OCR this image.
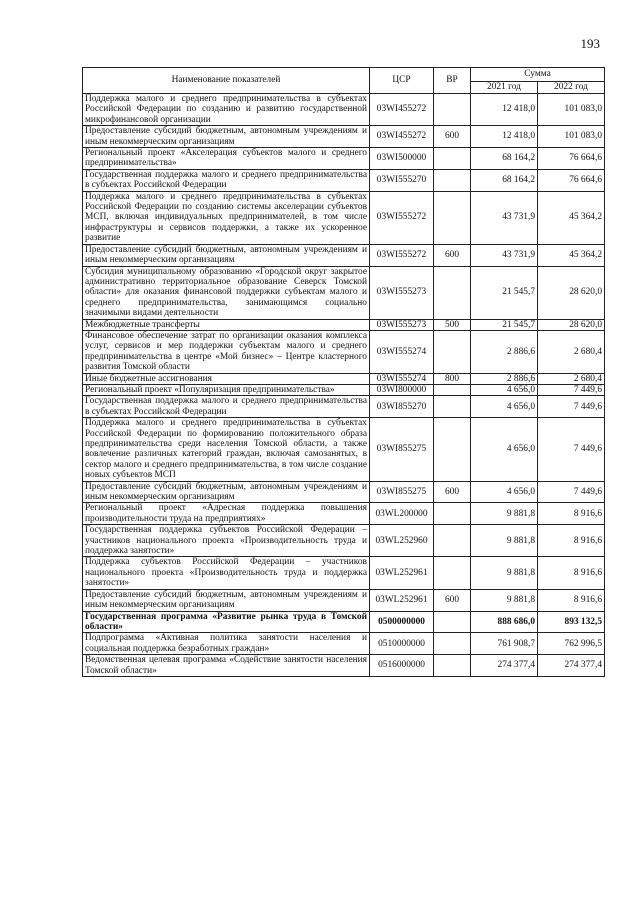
193
Наименование показателей	ЦСР	ВР	Сумма	
			2021 год	2022 год
Поддержка малого и среднего предпринимательства в субъектах Российской Федерации по созданию и развитию государственной микрофинансовой организации	03WI455272		12 418,0	101 083,0
Предоставление субсидий бюджетным, автономным учреждениям и иным некоммерческим организациям	03WI455272	600	12 418,0	101 083,0
Региональный проект «Акселерация субъектов малого и среднего предпринимательства»	03WI500000		68 164,2	76 664,6
Государственная поддержка малого и среднего предпринимательства в субъектах Российской Федерации	03WI555270		68 164,2	76 664,6
Поддержка малого и среднего предпринимательства в субъектах Российской Федерации по созданию системы акселерации субъектов МСП, включая индивидуальных предпринимателей, в том числе инфраструктуры и сервисов поддержки, а также их ускоренное развитие	03WI555272		43 731,9	45 364,2
Предоставление субсидий бюджетным, автономным учреждениям и иным некоммерческим организациям	03WI555272	600	43 731,9	45 364,2
Субсидия муниципальному образованию «Городской округ закрытое административно территориальное образование Северск Томской области» для оказания финансовой поддержки субъектам малого и среднего предпринимательства, занимающимся социально значимыми видами деятельности	03WI555273		21 545,7	28 620,0
Межбюджетные трансферты	03WI555273	500	21 545,7	28 620,0
Финансовое обеспечение затрат по организации оказания комплекса услуг, сервисов и мер поддержки субъектам малого и среднего предпринимательства в центре «Мой бизнес» – Центре кластерного развития Томской области	03WI555274		2 886,6	2 680,4
Иные бюджетные ассигнования	03WI555274	800	2 886,6	2 680,4
Региональный проект «Популяризация предпринимательства»	03WI800000		4 656,0	7 449,6
Государственная поддержка малого и среднего предпринимательства в субъектах Российской Федерации	03WI855270		4 656,0	7 449,6
Поддержка малого и среднего предпринимательства в субъектах Российской Федерации по формированию положительного образа предпринимательства среди населения Томской области, а также вовлечение различных категорий граждан, включая самозанятых, в сектор малого и среднего предпринимательства, в том числе создание новых субъектов МСП	03WI855275		4 656,0	7 449,6
Предоставление субсидий бюджетным, автономным учреждениям и иным некоммерческим организациям	03WI855275	600	4 656,0	7 449,6
Региональный проект «Адресная поддержка повышения производительности труда на предприятиях»	03WL200000		9 881,8	8 916,6
Государственная поддержка субъектов Российской Федерации – участников национального проекта «Производительность труда и поддержка занятости»	03WL252960		9 881,8	8 916,6
Поддержка субъектов Российской Федерации – участников национального проекта «Производительность труда и поддержка занятости»	03WL252961		9 881,8	8 916,6
Предоставление субсидий бюджетным, автономным учреждениям и иным некоммерческим организациям	03WL252961	600	9 881,8	8 916,6
Государственная программа «Развитие рынка труда в Томской области»	0500000000		888 686,0	893 132,5
Подпрограмма «Активная политика занятости населения и социальная поддержка безработных граждан»	0510000000		761 908,7	762 996,5
Ведомственная целевая программа «Содействие занятости населения Томской области»	0516000000		274 377,4	274 377,4
